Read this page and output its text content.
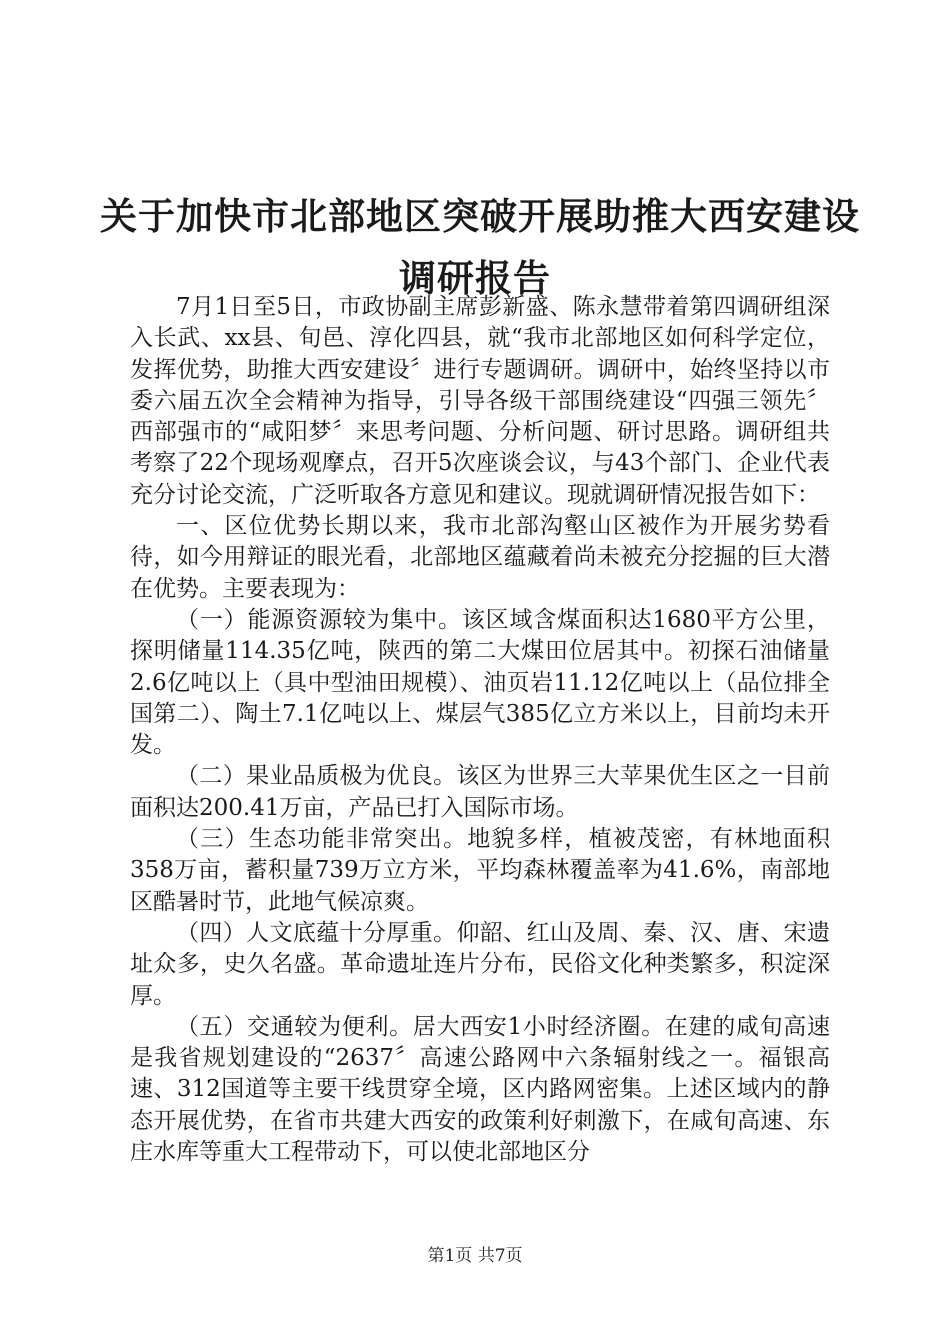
关于加快市北部地区突破开展助推大西安建设
调研报告

7月1日至5日，市政协副主席彭新盛、陈永慧带着第四调研组深入长武、xx县、旬邑、淳化四县，就“我市北部地区如何科学定位，发挥优势，助推大西安建设〞进行专题调研。调研中，始终坚持以市委六届五次全会精神为指导，引导各级干部围绕建设“四强三领先〞西部强市的“咸阳梦〞来思考问题、分析问题、研讨思路。调研组共考察了22个现场观摩点，召开5次座谈会议，与43个部门、企业代表充分讨论交流，广泛听取各方意见和建议。现就调研情况报告如下：

一、区位优势长期以来，我市北部沟壑山区被作为开展劣势看待，如今用辩证的眼光看，北部地区蕴藏着尚未被充分挖掘的巨大潜在优势。主要表现为：

（一）能源资源较为集中。该区域含煤面积达1680平方公里，探明储量114.35亿吨，陕西的第二大煤田位居其中。初探石油储量2.6亿吨以上（具中型油田规模）、油页岩11.12亿吨以上（品位排全国第二）、陶土7.1亿吨以上、煤层气385亿立方米以上，目前均未开发。

（二）果业品质极为优良。该区为世界三大苹果优生区之一目前面积达200.41万亩，产品已打入国际市场。

（三）生态功能非常突出。地貌多样，植被茂密，有林地面积358万亩，蓄积量739万立方米，平均森林覆盖率为41.6%，南部地区酷暑时节，此地气候凉爽。

（四）人文底蕴十分厚重。仰韶、红山及周、秦、汉、唐、宋遗址众多，史久名盛。革命遗址连片分布，民俗文化种类繁多，积淀深厚。

（五）交通较为便利。居大西安1小时经济圈。在建的咸旬高速是我省规划建设的“2637〞高速公路网中六条辐射线之一。福银高速、312国道等主要干线贯穿全境，区内路网密集。上述区域内的静态开展优势，在省市共建大西安的政策利好刺激下，在咸旬高速、东庄水库等重大工程带动下，可以使北部地区分

第1页 共7页
